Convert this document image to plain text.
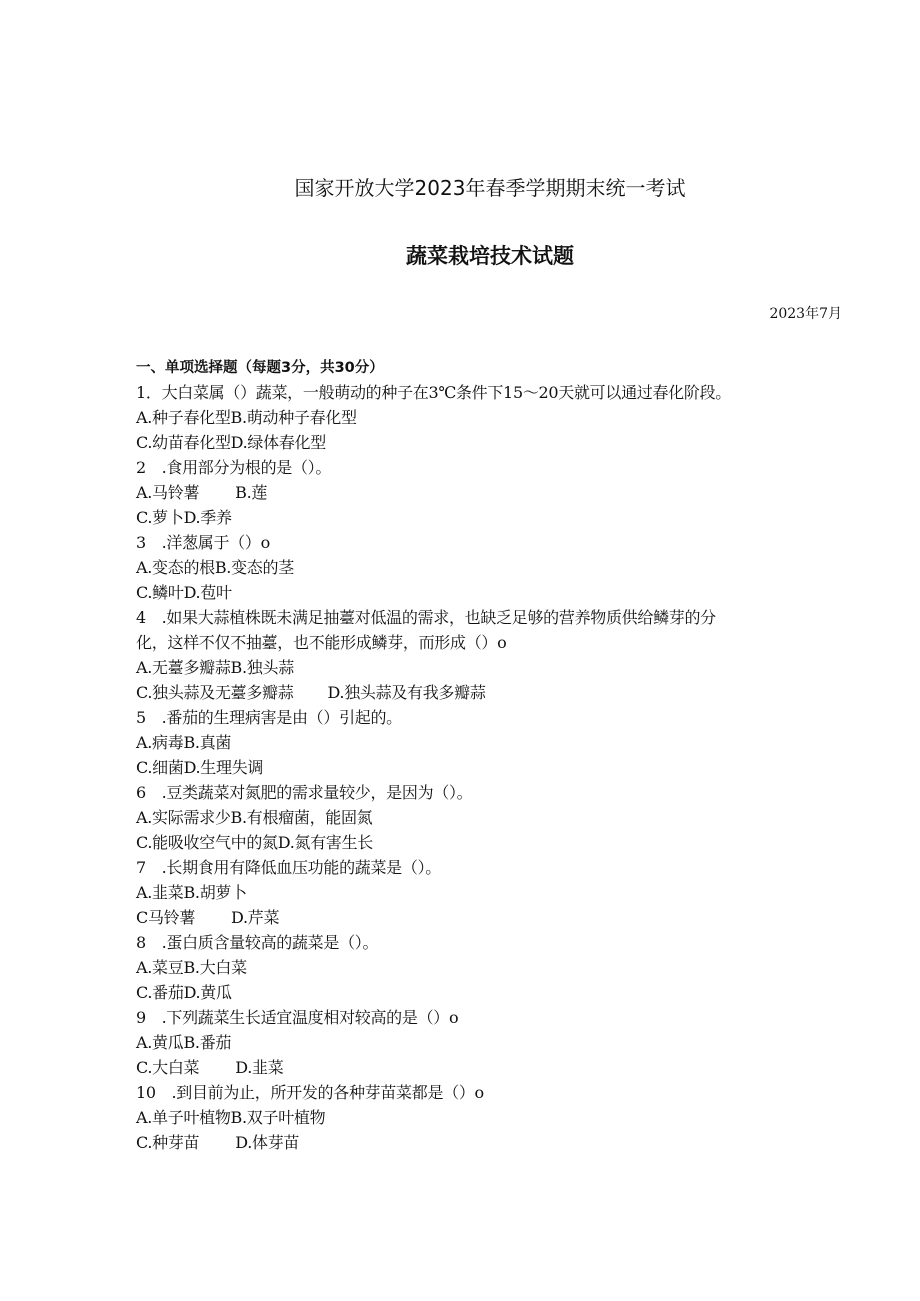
国家开放大学2023年春季学期期末统一考试
蔬菜栽培技术试题
2023年7月
一、单项选择题（每题3分，共30分）
1．大白菜属（）蔬菜，一般萌动的种子在3℃条件下15～20天就可以通过春化阶段。
A.种子春化型B.萌动种子春化型
C.幼苗春化型D.绿体春化型
2　.食用部分为根的是（）。
A.马铃薯 B.莲
C.萝卜D.季养
3　.洋葱属于（）o
A.变态的根B.变态的茎
C.鳞叶D.苞叶
4　.如果大蒜植株既未满足抽薹对低温的需求，也缺乏足够的营养物质供给鳞芽的分
化，这样不仅不抽薹，也不能形成鳞芽，而形成（）o
A.无薹多瓣蒜B.独头蒜
C.独头蒜及无薹多瓣蒜 D.独头蒜及有我多瓣蒜
5　.番茄的生理病害是由（）引起的。
A.病毒B.真菌
C.细菌D.生理失调
6　.豆类蔬菜对氮肥的需求量较少，是因为（）。
A.实际需求少B.有根瘤菌，能固氮
C.能吸收空气中的氮D.氮有害生长
7　.长期食用有降低血压功能的蔬菜是（）。
A.韭菜B.胡萝卜
C马铃薯 D.芹菜
8　.蛋白质含量较高的蔬菜是（）。
A.菜豆B.大白菜
C.番茄D.黄瓜
9　.下列蔬菜生长适宜温度相对较高的是（）o
A.黄瓜B.番茄
C.大白菜 D.韭菜
10　.到目前为止，所开发的各种芽苗菜都是（）o
A.单子叶植物B.双子叶植物
C.种芽苗 D.体芽苗
